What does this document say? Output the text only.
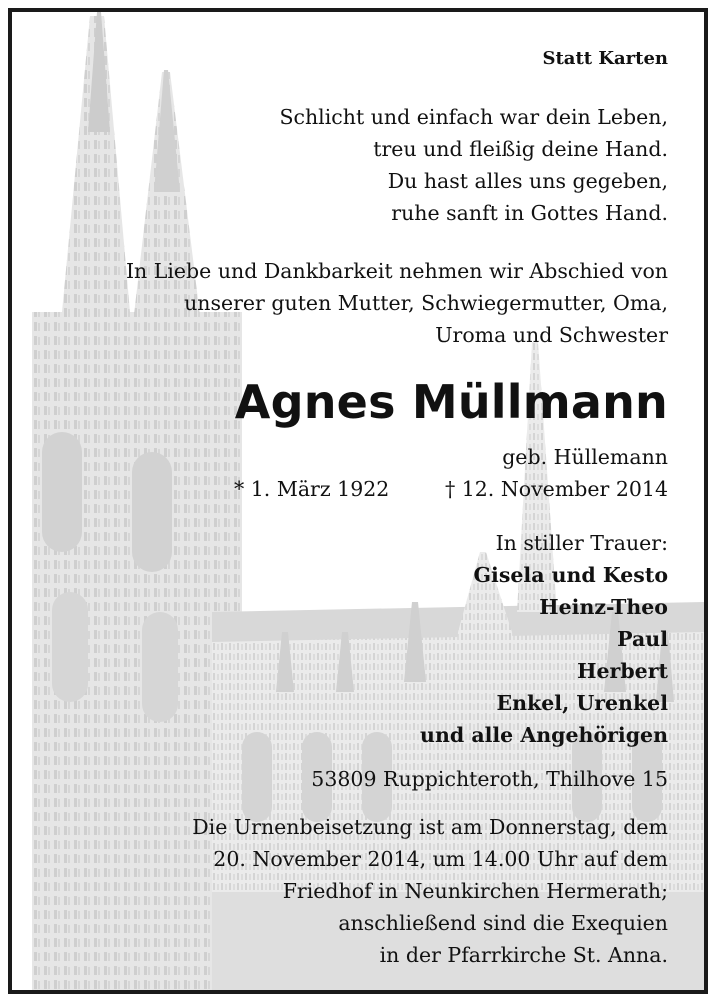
Statt Karten
Schlicht und einfach war dein Leben,
treu und fleißig deine Hand.
Du hast alles uns gegeben,
ruhe sanft in Gottes Hand.
In Liebe und Dankbarkeit nehmen wir Abschied von
unserer guten Mutter, Schwiegermutter, Oma,
Uroma und Schwester
Agnes Müllmann
geb. Hüllemann
* 1. März 1922	† 12. November 2014
In stiller Trauer:
Gisela und Kesto
Heinz-Theo
Paul
Herbert
Enkel, Urenkel
und alle Angehörigen
53809 Ruppichteroth, Thilhove 15
Die Urnenbeisetzung ist am Donnerstag, dem
20. November 2014, um 14.00 Uhr auf dem
Friedhof in Neunkirchen Hermerath;
anschließend sind die Exequien
in der Pfarrkirche St. Anna.
